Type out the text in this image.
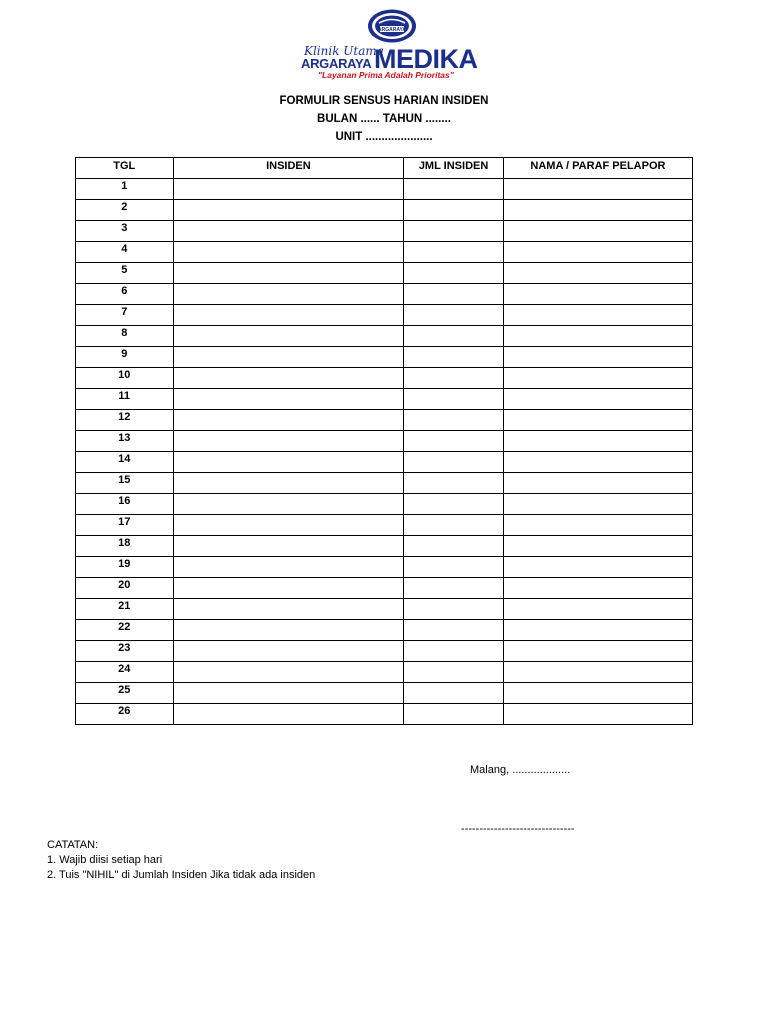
ARGARAYA
Klinik Utama
ARGARAYA MEDIKA
"Layanan Prima Adalah Prioritas"
FORMULIR SENSUS HARIAN INSIDEN
BULAN ...... TAHUN ........
UNIT .....................
TGL	INSIDEN	JML INSIDEN	NAMA / PARAF PELAPOR
1			
2			
3			
4			
5			
6			
7			
8			
9			
10			
11			
12			
13			
14			
15			
16			
17			
18			
19			
20			
21			
22			
23			
24			
25			
26			
Malang, ...................
-------------------------------
CATATAN:
1. Wajib diisi setiap hari
2. Tuis "NIHIL" di Jumlah Insiden Jika tidak ada insiden
